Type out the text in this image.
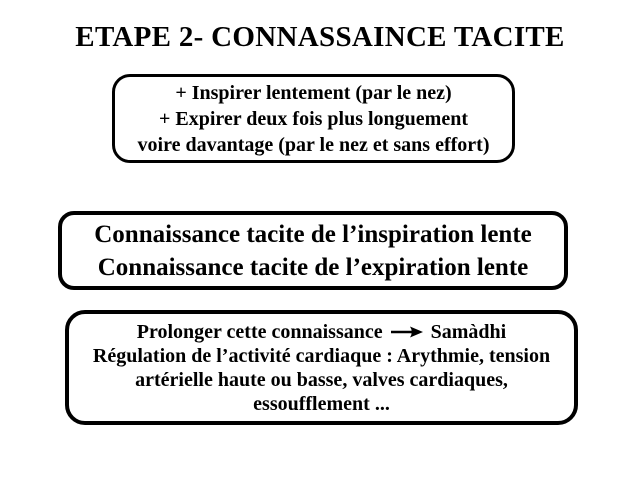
ETAPE 2- CONNASSAINCE TACITE
+ Inspirer lentement (par le nez)
+ Expirer deux fois plus longuement
voire davantage (par le nez et sans effort)
Connaissance tacite de l’inspiration lente
Connaissance tacite de l’expiration lente
Prolonger cette connaissance Samàdhi
Régulation de l’activité cardiaque : Arythmie, tension
artérielle haute ou basse, valves cardiaques,
essoufflement ...
